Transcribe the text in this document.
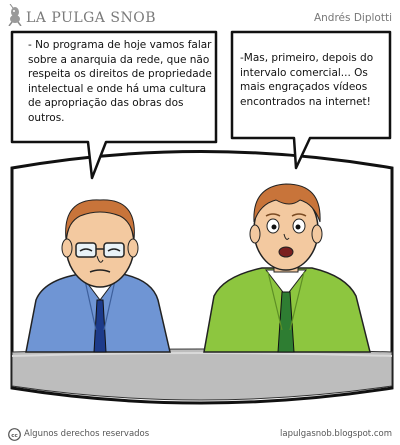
LA PULGA SNOB	Andrés Diplotti
- No programa de hoje vamos falar sobre a anarquia da rede, que não respeita os direitos de propriedade intelectual e onde há uma cultura de apropriação das obras dos outros.
-Mas, primeiro, depois do intervalo comercial... Os mais engraçados vídeos encontrados na internet!
cc Algunos derechos reservados	lapulgasnob.blogspot.com
